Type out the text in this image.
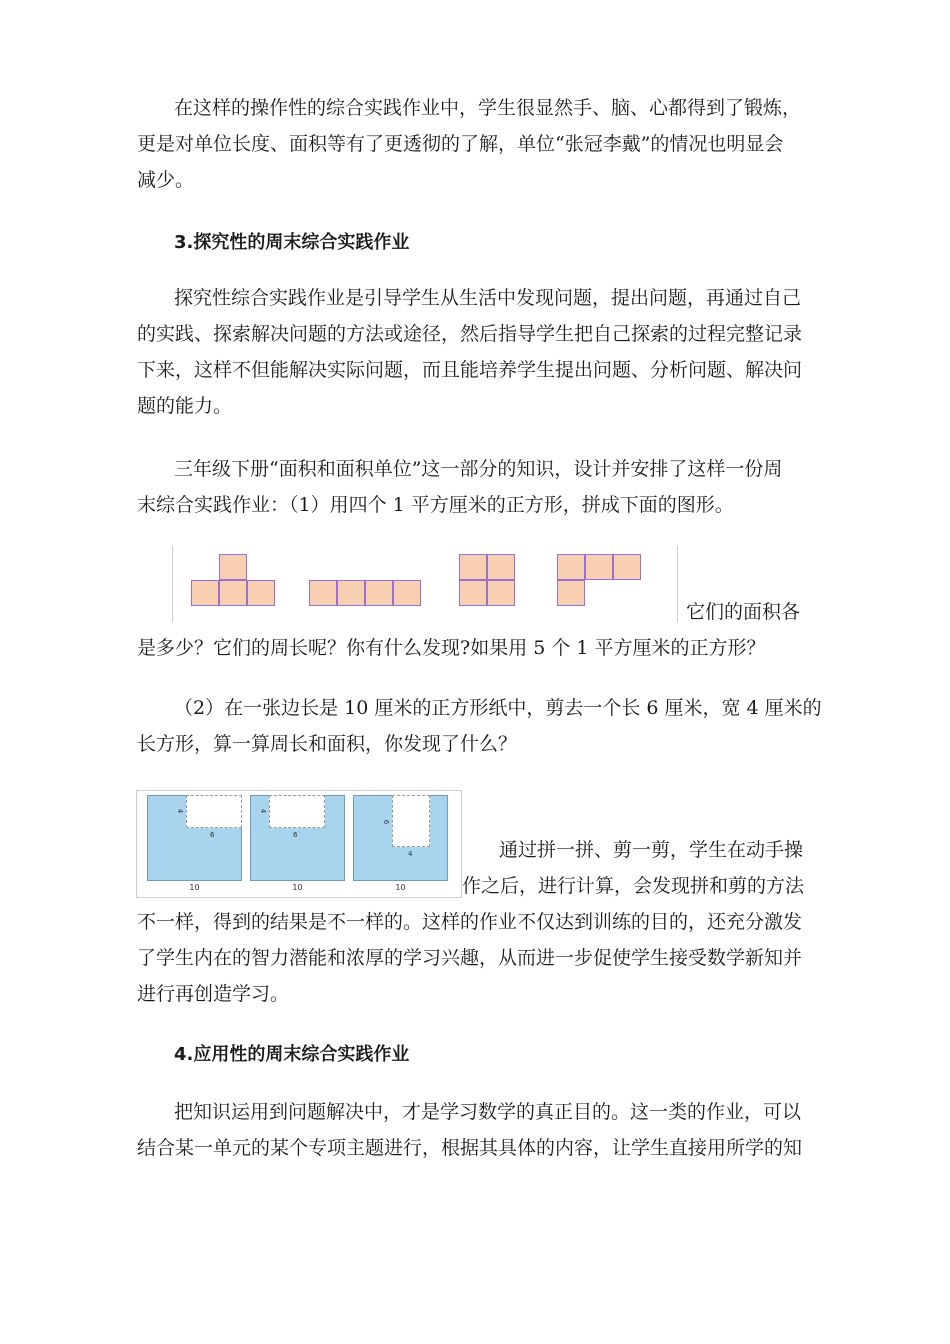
在这样的操作性的综合实践作业中，学生很显然手、脑、心都得到了锻炼，
更是对单位长度、面积等有了更透彻的了解，单位“张冠李戴”的情况也明显会
减少。
3.探究性的周末综合实践作业
探究性综合实践作业是引导学生从生活中发现问题，提出问题，再通过自己
的实践、探索解决问题的方法或途径，然后指导学生把自己探索的过程完整记录
下来，这样不但能解决实际问题，而且能培养学生提出问题、分析问题、解决问
题的能力。
三年级下册“面积和面积单位”这一部分的知识，设计并安排了这样一份周
末综合实践作业：（1）用四个 1 平方厘米的正方形，拼成下面的图形。
它们的面积各
是多少？它们的周长呢？你有什么发现?如果用 5 个 1 平方厘米的正方形？
（2）在一张边长是 10 厘米的正方形纸中，剪去一个长 6 厘米，宽 4 厘米的
长方形，算一算周长和面积，你发现了什么？
4
6
10
4
6
10
6
4
10
通过拼一拼、剪一剪，学生在动手操
作之后，进行计算，会发现拼和剪的方法
不一样，得到的结果是不一样的。这样的作业不仅达到训练的目的，还充分激发
了学生内在的智力潜能和浓厚的学习兴趣，从而进一步促使学生接受数学新知并
进行再创造学习。
4.应用性的周末综合实践作业
把知识运用到问题解决中，才是学习数学的真正目的。这一类的作业，可以
结合某一单元的某个专项主题进行，根据其具体的内容，让学生直接用所学的知
